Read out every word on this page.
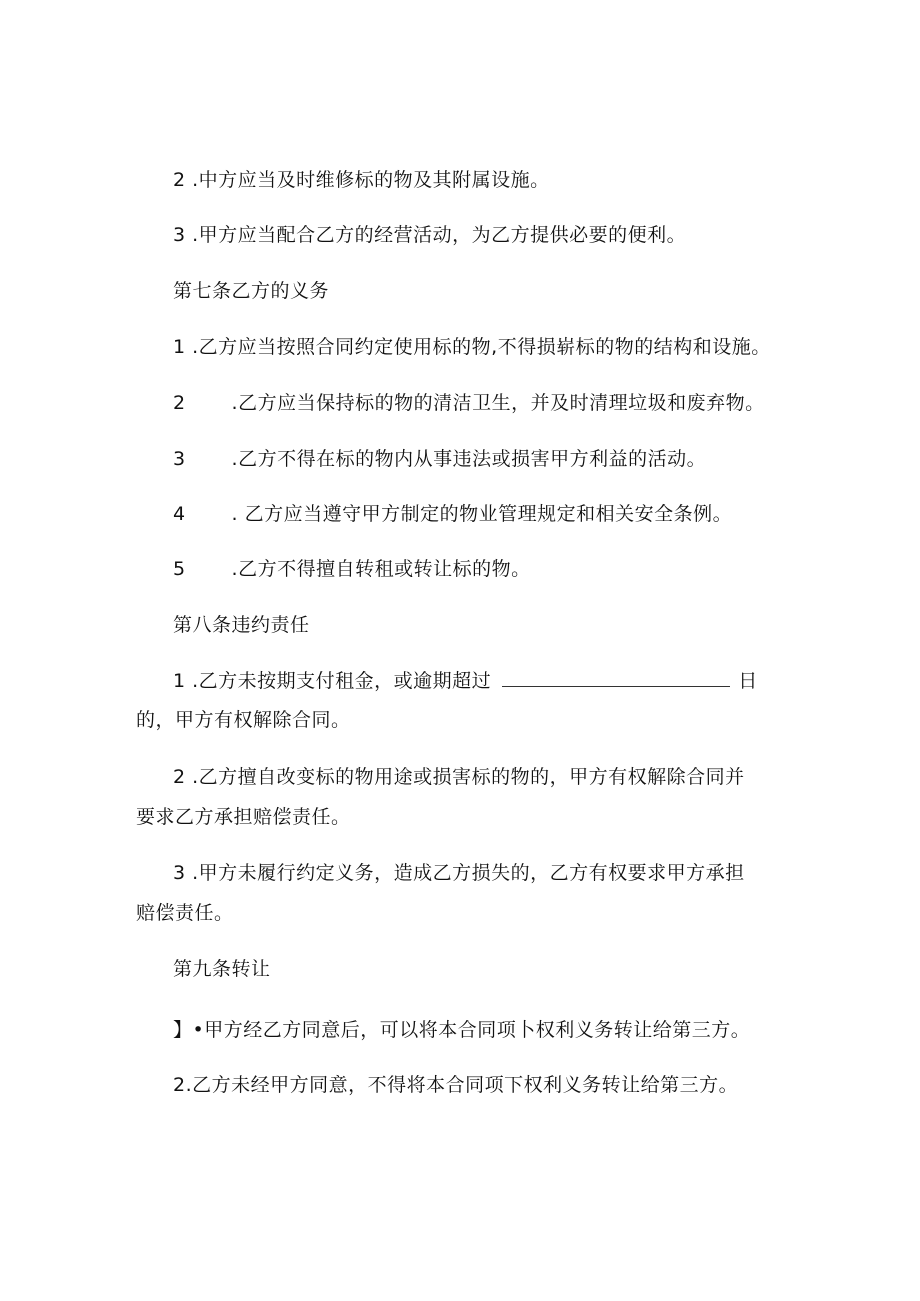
2 .中方应当及时维修标的物及其附属设施。
3 .甲方应当配合乙方的经营活动，为乙方提供必要的便利。
第七条乙方的义务
1 .乙方应当按照合同约定使用标的物,不得损崭标的物的结构和设施。
2 .乙方应当保持标的物的清洁卫生，并及时清理垃圾和废弃物。
3 .乙方不得在标的物内从事违法或损害甲方利益的活动。
4 . 乙方应当遵守甲方制定的物业管理规定和相关安全条例。
5 .乙方不得擅自转租或转让标的物。
第八条违约责任
1 .乙方未按期支付租金，或逾期超过	日
的，甲方有权解除合同。
2 .乙方擅自改变标的物用途或损害标的物的，甲方有权解除合同并
要求乙方承担赔偿责任。
3 .甲方未履行约定义务，造成乙方损失的，乙方有权要求甲方承担
赔偿责任。
第九条转让
】•甲方经乙方同意后，可以将本合同项卜权利义务转让给第三方。
2.乙方未经甲方同意，不得将本合同项下权利义务转让给第三方。
